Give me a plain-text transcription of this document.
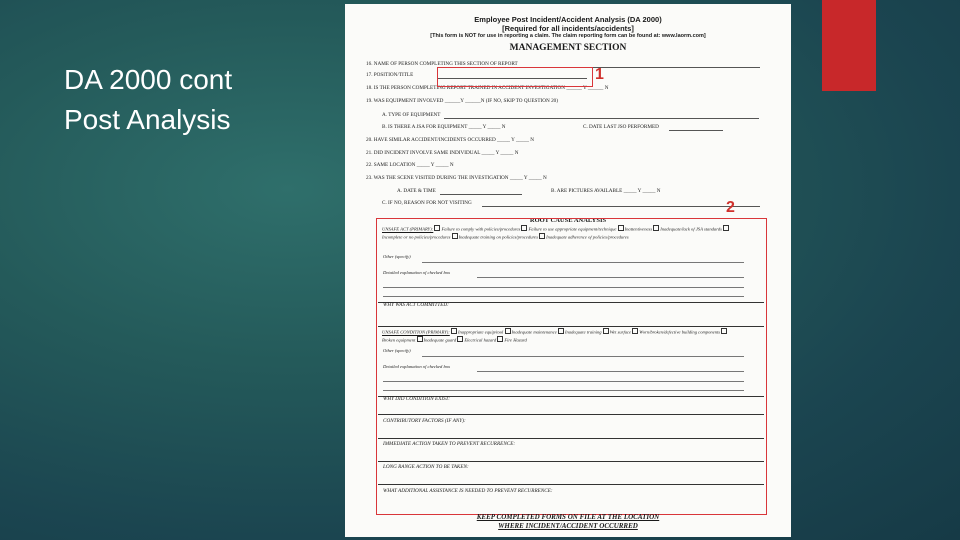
DA 2000 cont
Post Analysis
Employee Post Incident/Accident Analysis (DA 2000)
[Required for all incidents/accidents]
[This form is NOT for use in reporting a claim. The claim reporting form can be found at: www.laorm.com]
MANAGEMENT SECTION
16. NAME OF PERSON COMPLETING THIS SECTION OF REPORT
17. POSITION/TITLE
18. IS THE PERSON COMPLETING REPORT TRAINED IN ACCIDENT INVESTIGATION ______ Y ______ N
19. WAS EQUIPMENT INVOLVED ______Y ______N (IF NO, SKIP TO QUESTION 20)
A. TYPE OF EQUIPMENT
B. IS THERE A JSA FOR EQUIPMENT _____ Y _____ N	C. DATE LAST JSO PERFORMED
20. HAVE SIMILAR ACCIDENT/INCIDENTS OCCURRED _____ Y _____ N
21. DID INCIDENT INVOLVE SAME INDIVIDUAL _____ Y _____ N
22. SAME LOCATION _____ Y _____ N
23. WAS THE SCENE VISITED DURING THE INVESTIGATION _____ Y _____ N
A. DATE & TIME	B. ARE PICTURES AVAILABLE _____ Y _____ N
C. IF NO, REASON FOR NOT VISITING
1
2
ROOT CAUSE ANALYSIS
UNSAFE ACT (PRIMARY): Failure to comply with policies/procedures Failure to use appropriate equipment/technique Inattentiveness Inadequate/lack of JSA standards Incomplete or no policies/procedures Inadequate training on policies/procedures Inadequate adherence of policies/procedures
Other (specify)
Detailed explanation of checked box
WHY WAS ACT COMMITTED:
UNSAFE CONDITION (PRIMARY): Inappropriate equip/tool Inadequate maintenance Inadequate training Wet surface Worn/broken/defective building components Broken equipment Inadequate guard Electrical hazard Fire Hazard
Other (specify)
Detailed explanation of checked box
WHY DID CONDITION EXIST:
CONTRIBUTORY FACTORS (IF ANY):
IMMEDIATE ACTION TAKEN TO PREVENT RECURRENCE:
LONG RANGE ACTION TO BE TAKEN:
WHAT ADDITIONAL ASSISTANCE IS NEEDED TO PREVENT RECURRENCE:
KEEP COMPLETED FORMS ON FILE AT THE LOCATION
WHERE INCIDENT/ACCIDENT OCCURRED
